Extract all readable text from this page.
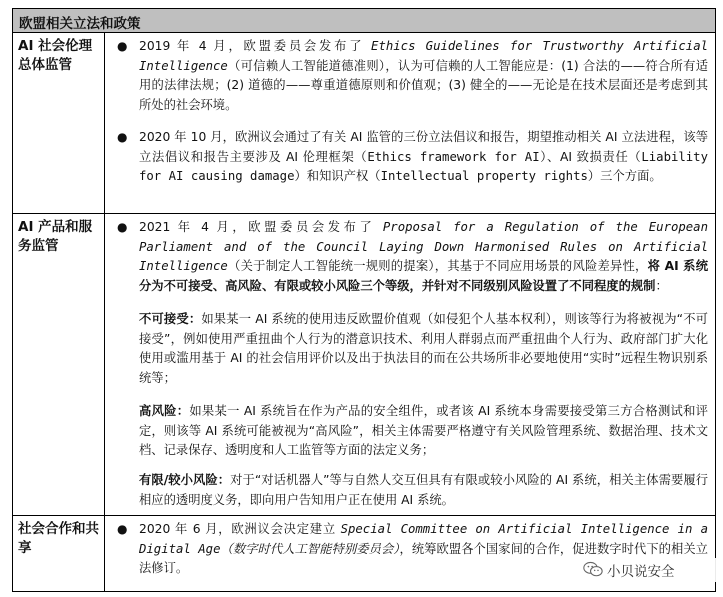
欧盟相关立法和政策
AI 社会伦理总体监管
● 2019 年 4 月，欧盟委员会发布了 Ethics Guidelines for Trustworthy Artificial Intelligence（可信赖人工智能道德准则），认为可信赖的人工智能应是：(1) 合法的——符合所有适用的法律法规；(2) 道德的——尊重道德原则和价值观；(3) 健全的——无论是在技术层面还是考虑到其所处的社会环境。
● 2020 年 10 月，欧洲议会通过了有关 AI 监管的三份立法倡议和报告，期望推动相关 AI 立法进程，该等立法倡议和报告主要涉及 AI 伦理框架（Ethics framework for AI）、AI 致损责任（Liability for AI causing damage）和知识产权（Intellectual property rights）三个方面。
AI 产品和服务监管
● 2021 年 4 月，欧盟委员会发布了 Proposal for a Regulation of the European Parliament and of the Council Laying Down Harmonised Rules on Artificial Intelligence（关于制定人工智能统一规则的提案），其基于不同应用场景的风险差异性，将 AI 系统分为不可接受、高风险、有限或较小风险三个等级，并针对不同级别风险设置了不同程度的规制：
不可接受：如果某一 AI 系统的使用违反欧盟价值观（如侵犯个人基本权利），则该等行为将被视为“不可接受”，例如使用严重扭曲个人行为的潜意识技术、利用人群弱点而严重扭曲个人行为、政府部门扩大化使用或滥用基于 AI 的社会信用评价以及出于执法目的而在公共场所非必要地使用“实时”远程生物识别系统等；
高风险：如果某一 AI 系统旨在作为产品的安全组件，或者该 AI 系统本身需要接受第三方合格测试和评定，则该等 AI 系统可能被视为“高风险”，相关主体需要严格遵守有关风险管理系统、数据治理、技术文档、记录保存、透明度和人工监管等方面的法定义务；
有限/较小风险：对于“对话机器人”等与自然人交互但具有有限或较小风险的 AI 系统，相关主体需要履行相应的透明度义务，即向用户告知用户正在使用 AI 系统。
社会合作和共享
● 2020 年 6 月，欧洲议会决定建立 Special Committee on Artificial Intelligence in a Digital Age（数字时代人工智能特别委员会），统筹欧盟各个国家间的合作，促进数字时代下的相关立法修订。	小贝说安全
